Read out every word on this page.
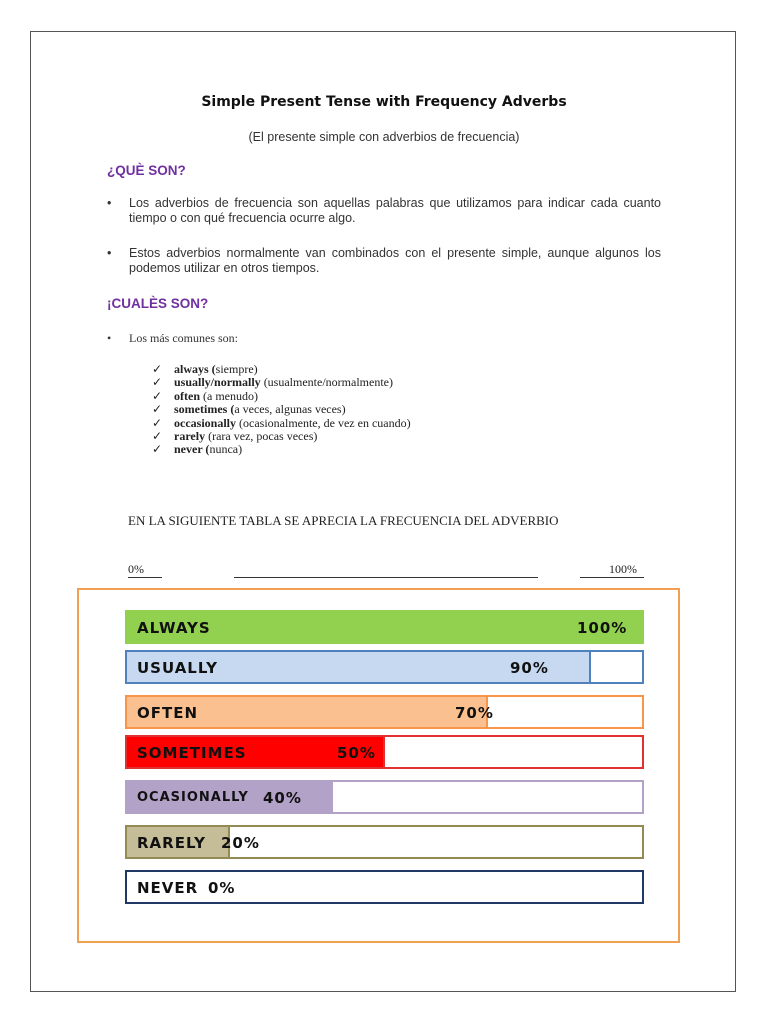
Simple Present Tense with Frequency Adverbs
(El presente simple con adverbios de frecuencia)
¿QUÈ SON?
• Los adverbios de frecuencia son aquellas palabras que utilizamos para indicar cada cuanto tiempo o con qué frecuencia ocurre algo.
• Estos adverbios normalmente van combinados con el presente simple, aunque algunos los podemos utilizar en otros tiempos.
¡CUALÈS SON?
• Los más comunes son:
✓ always (siempre)
✓ usually/normally (usualmente/normalmente)
✓ often (a menudo)
✓ sometimes (a veces, algunas veces)
✓ occasionally (ocasionalmente, de vez en cuando)
✓ rarely (rara vez, pocas veces)
✓ never (nunca)
EN LA SIGUIENTE TABLA SE APRECIA LA FRECUENCIA DEL ADVERBIO
0%	100%
ALWAYS	100%
USUALLY	90%
OFTEN	70%
SOMETIMES	50%
OCASIONALLY 40%
RARELY 20%
NEVER 0%
